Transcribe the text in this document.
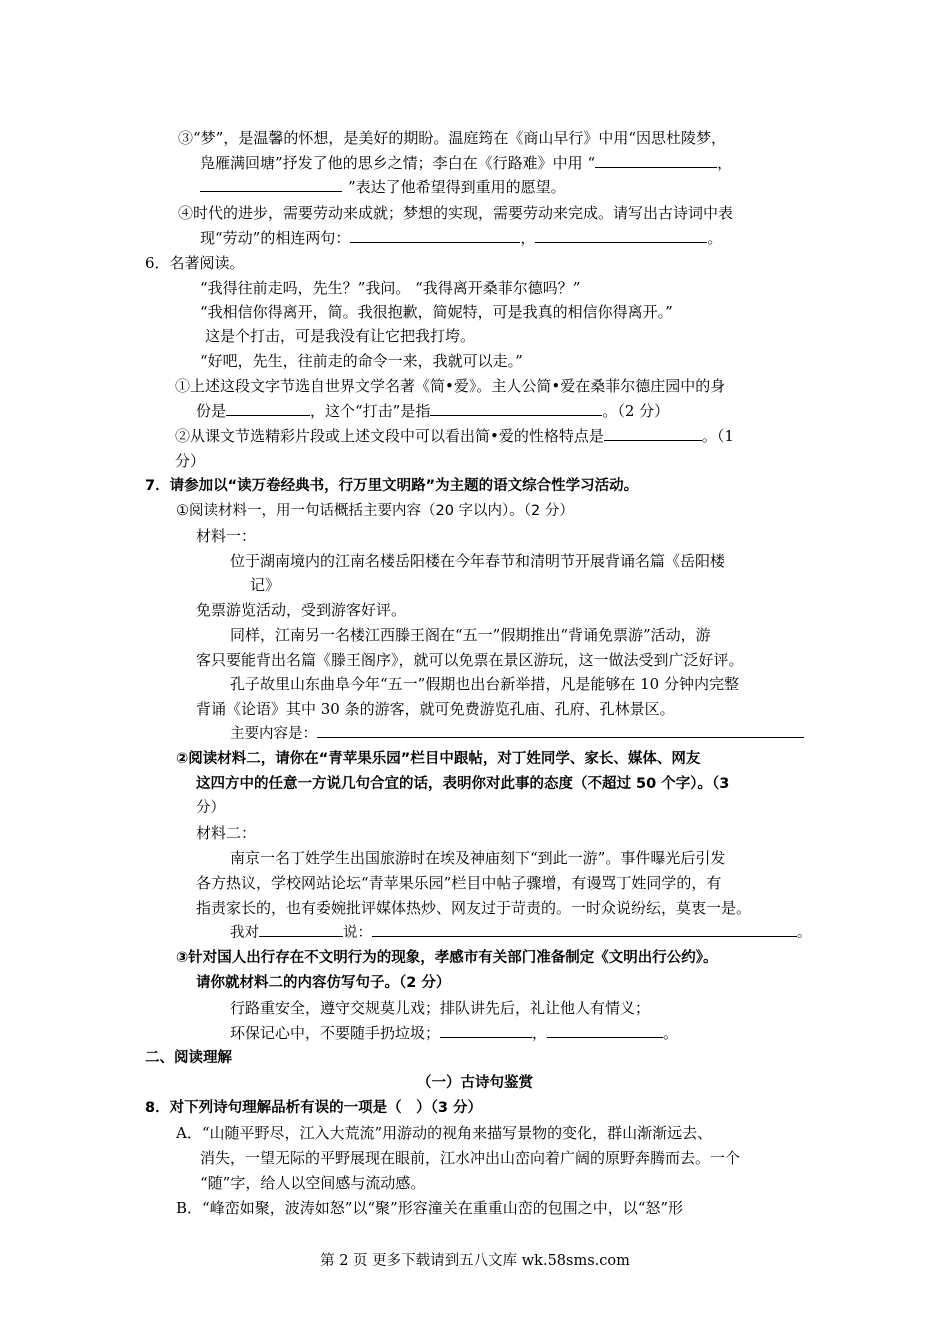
③“梦”，是温馨的怀想，是美好的期盼。温庭筠在《商山早行》中用“因思杜陵梦，
凫雁满回塘”抒发了他的思乡之情；李白在《行路难》中用 “	，
”表达了他希望得到重用的愿望。
④时代的进步，需要劳动来成就；梦想的实现，需要劳动来完成。请写出古诗词中表
现“劳动”的相连两句：	，	。
6．名著阅读。
“我得往前走吗，先生？”我问。 “我得离开桑菲尔德吗？”
“我相信你得离开，简。我很抱歉，简妮特，可是我真的相信你得离开。”
这是个打击，可是我没有让它把我打垮。
“好吧，先生，往前走的命令一来，我就可以走。”
①上述这段文字节选自世界文学名著《简•爱》。主人公简•爱在桑菲尔德庄园中的身
份是	，这个“打击”是指	。（2 分）
②从课文节选精彩片段或上述文段中可以看出简•爱的性格特点是	。（1
分）
7．请参加以“读万卷经典书，行万里文明路”为主题的语文综合性学习活动。
①阅读材料一，用一句话概括主要内容（20 字以内）。（2 分）
材料一：
位于湖南境内的江南名楼岳阳楼在今年春节和清明节开展背诵名篇《岳阳楼
记》
免票游览活动，受到游客好评。
同样，江南另一名楼江西滕王阁在“五一”假期推出“背诵免票游”活动，游
客只要能背出名篇《滕王阁序》，就可以免票在景区游玩，这一做法受到广泛好评。
孔子故里山东曲阜今年“五一”假期也出台新举措，凡是能够在 10 分钟内完整
背诵《论语》其中 30 条的游客，就可免费游览孔庙、孔府、孔林景区。
主要内容是：
②阅读材料二，请你在“青苹果乐园”栏目中跟帖，对丁姓同学、家长、媒体、网友
这四方中的任意一方说几句合宜的话，表明你对此事的态度（不超过 50 个字）。（3
分）
材料二：
南京一名丁姓学生出国旅游时在埃及神庙刻下“到此一游”。事件曝光后引发
各方热议，学校网站论坛“青苹果乐园”栏目中帖子骤增，有谩骂丁姓同学的，有
指责家长的，也有委婉批评媒体热炒、网友过于苛责的。一时众说纷纭，莫衷一是。
我对	说：	。
③针对国人出行存在不文明行为的现象，孝感市有关部门准备制定《文明出行公约》。
请你就材料二的内容仿写句子。（2 分）
行路重安全，遵守交规莫儿戏；排队讲先后，礼让他人有情义；
环保记心中，不要随手扔垃圾；	，	。
二、阅读理解
（一）古诗句鉴赏
8．对下列诗句理解品析有误的一项是（　）（3 分）
A．“山随平野尽，江入大荒流”用游动的视角来描写景物的变化，群山渐渐远去、
消失，一望无际的平野展现在眼前，江水冲出山峦向着广阔的原野奔腾而去。一个
“随”字，给人以空间感与流动感。
B．“峰峦如聚，波涛如怒”以“聚”形容潼关在重重山峦的包围之中，以“怒”形
第 2 页 更多下载请到五八文库 wk.58sms.com
